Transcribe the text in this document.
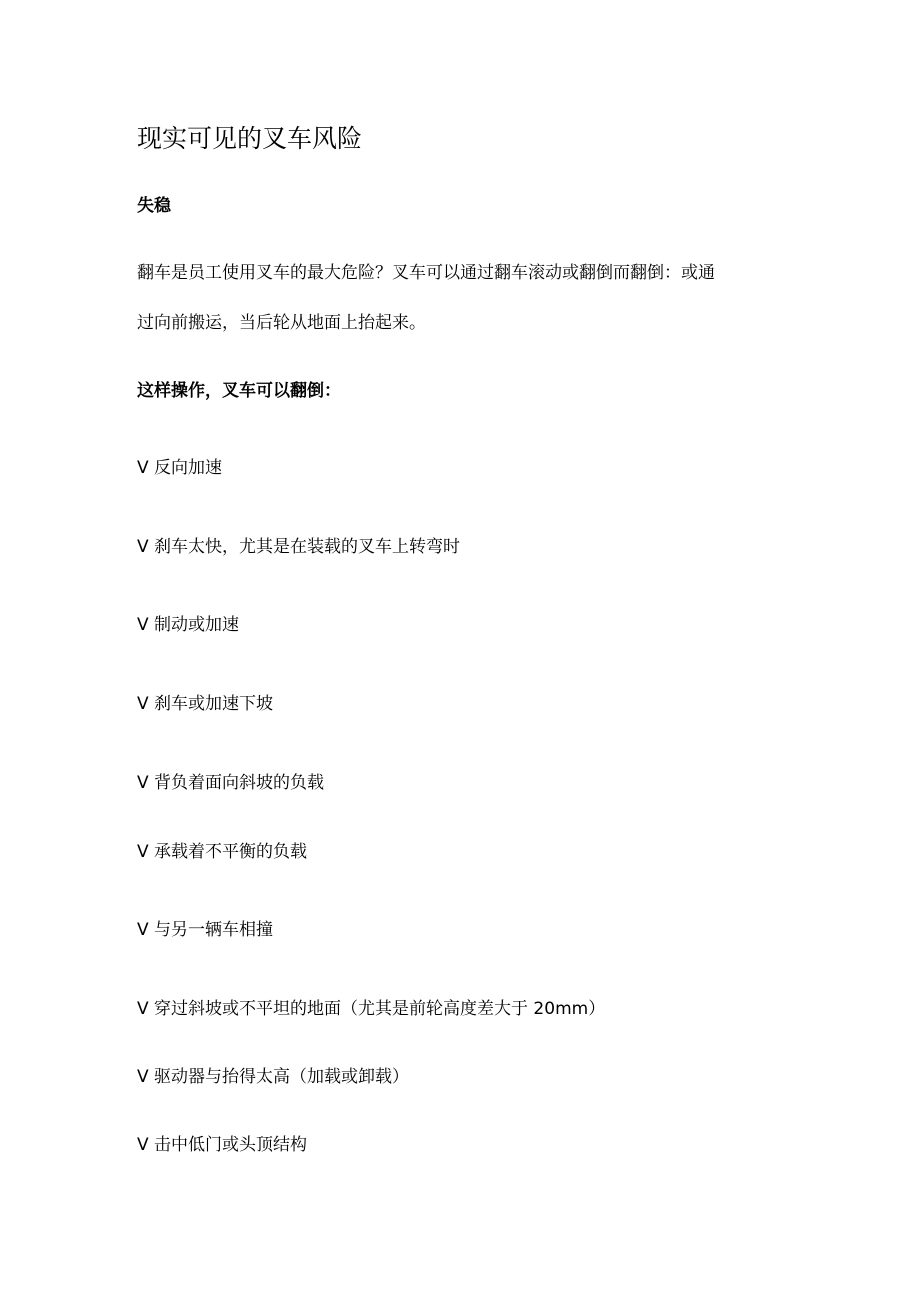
现实可见的叉车风险
失稳

翻车是员工使用叉车的最大危险？叉车可以通过翻车滚动或翻倒而翻倒：或通

过向前搬运，当后轮从地面上抬起来。

这样操作，叉车可以翻倒：
V 反向加速
V 刹车太快，尤其是在装载的叉车上转弯时
V 制动或加速
V 刹车或加速下坡
V 背负着面向斜坡的负载
V 承载着不平衡的负载
V 与另一辆车相撞
V 穿过斜坡或不平坦的地面（尤其是前轮高度差大于 20mm）
V 驱动器与抬得太高（加载或卸载）
V 击中低门或头顶结构
